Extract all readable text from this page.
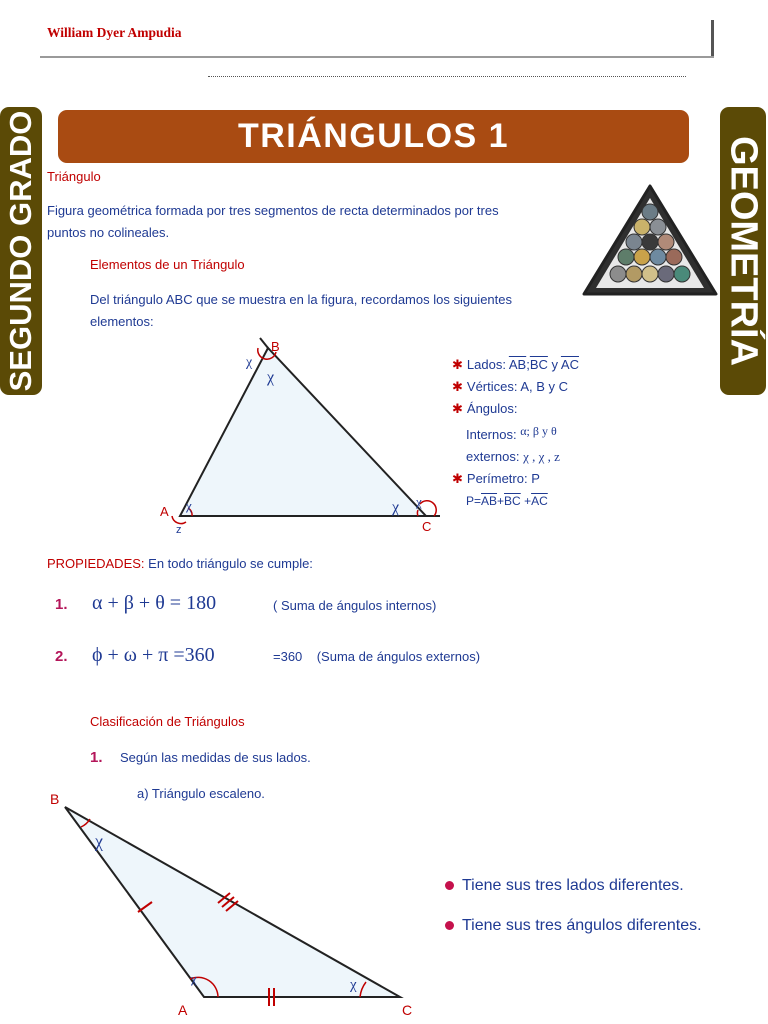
William Dyer Ampudia
TRIÁNGULOS 1
SEGUNDO GRADO	GEOMETRÍA
Triángulo
Figura geométrica formada por tres segmentos de recta determinados por tres
puntos no colineales.
Elementos de un Triángulo
Del triángulo ABC que se muestra en la figura, recordamos los siguientes
elementos:
B
A
C
χ
χ
χ	χ χ
z
✱ Lados: $\overline{AB};\overline{BC}$ y $\overline{AC}$
✱ Vértices: A, B y C
✱ Ángulos:
Internos: α; β y θ
externos: χ , χ , z
✱ Perímetro: P
$P=\overline{AB}+\overline{BC} +\overline{AC}$
PROPIEDADES: En todo triángulo se cumple:
1. α + β + θ = 180	( Suma de ángulos internos)
2. ϕ + ω + π =360	=360    (Suma de ángulos externos)
Clasificación de Triángulos
1. Según las medidas de sus lados.
a) Triángulo escaleno.
B
A	C
χ
χ	χ
Tiene sus tres lados diferentes.
Tiene sus tres ángulos diferentes.
